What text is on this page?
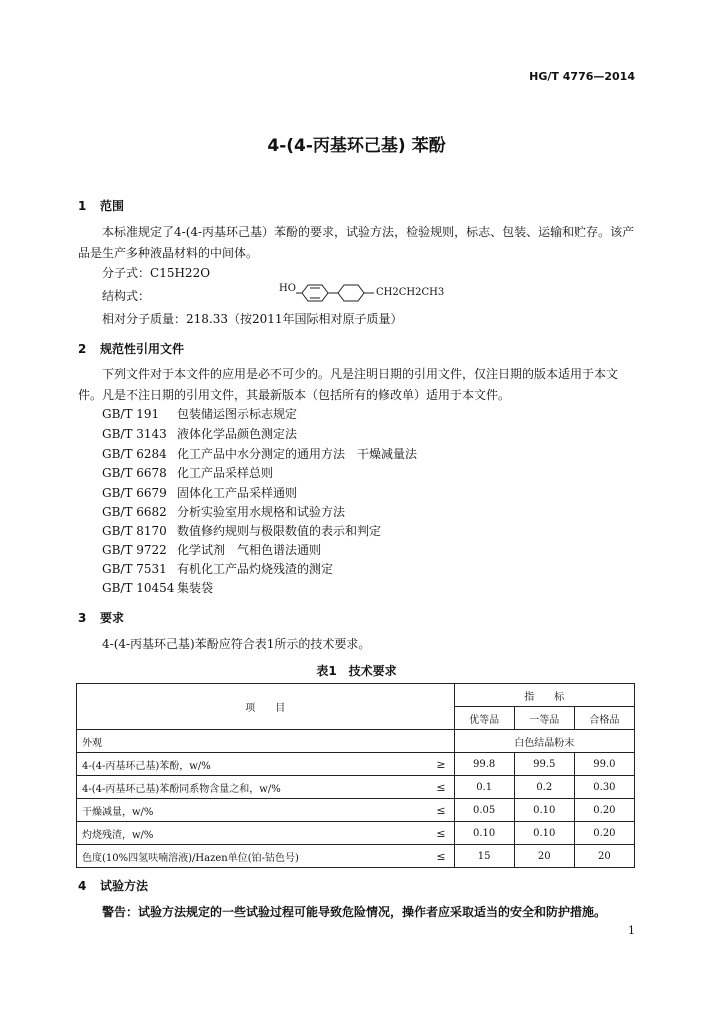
HG/T 4776—2014
4-(4-丙基环己基) 苯酚
1 范围
本标准规定了4-(4-丙基环己基）苯酚的要求，试验方法，检验规则，标志、包装、运输和贮存。该产品是生产多种液晶材料的中间体。
分子式：C15H22O
结构式：
HO	CH2CH2CH3
相对分子质量：218.33（按2011年国际相对原子质量）
2 规范性引用文件
下列文件对于本文件的应用是必不可少的。凡是注明日期的引用文件，仅注日期的版本适用于本文件。凡是不注日期的引用文件，其最新版本（包括所有的修改单）适用于本文件。
GB/T 191 包装储运图示标志规定
GB/T 3143 液体化学品颜色测定法
GB/T 6284 化工产品中水分测定的通用方法　干燥减量法
GB/T 6678 化工产品采样总则
GB/T 6679 固体化工产品采样通则
GB/T 6682 分析实验室用水规格和试验方法
GB/T 8170 数值修约规则与极限数值的表示和判定
GB/T 9722 化学试剂　气相色谱法通则
GB/T 7531 有机化工产品灼烧残渣的测定
GB/T 10454 集装袋
3 要求
4-(4-丙基环己基)苯酚应符合表1所示的技术要求。
表1　技术要求
项　　目		指　　标		
		优等品	一等品	合格品
外观		白色结晶粉末		
4-(4-丙基环己基)苯酚，w/%	≥	99.8	99.5	99.0
4-(4-丙基环己基)苯酚同系物含量之和，w/%	≤	0.1	0.2	0.30
干燥减量，w/%	≤	0.05	0.10	0.20
灼烧残渣，w/%	≤	0.10	0.10	0.20
色度(10%四氢呋喃溶液)/Hazen单位(铂-钴色号)	≤	15	20	20
4 试验方法
警告：试验方法规定的一些试验过程可能导致危险情况，操作者应采取适当的安全和防护措施。
1
